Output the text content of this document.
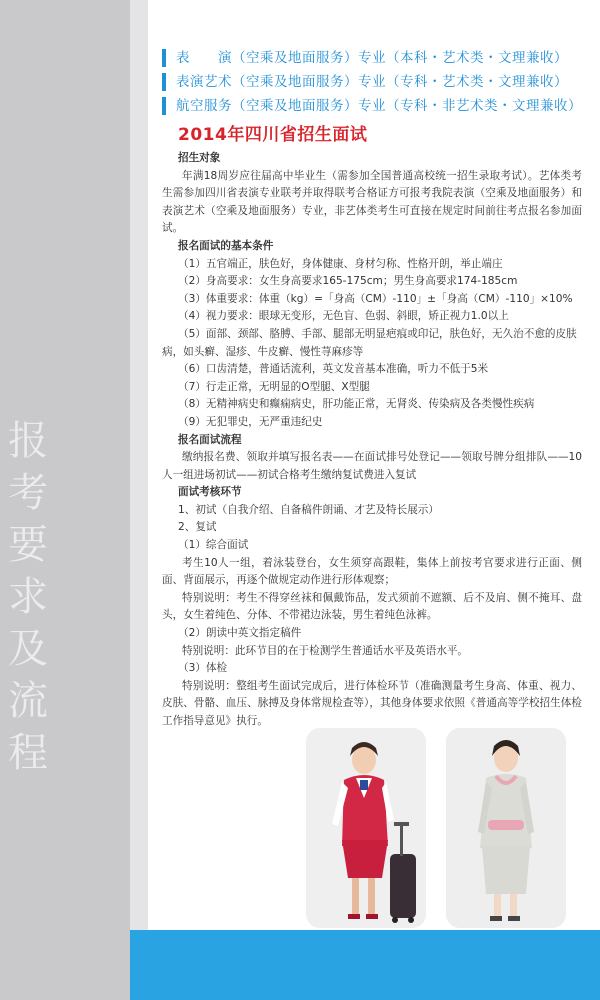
报
考
要
求
及
流
程
表　　演（空乘及地面服务）专业（本科・艺术类・文理兼收）
表演艺术（空乘及地面服务）专业（专科・艺术类・文理兼收）
航空服务（空乘及地面服务）专业（专科・非艺术类・文理兼收）
2014年四川省招生面试

招生对象

年满18周岁应往届高中毕业生（需参加全国普通高校统一招生录取考试）。艺体类考生需参加四川省表演专业联考并取得联考合格证方可报考我院表演（空乘及地面服务）和表演艺术（空乘及地面服务）专业，非艺体类考生可直接在规定时间前往考点报名参加面试。

报名面试的基本条件

（1）五官端正，肤色好，身体健康、身材匀称、性格开朗，举止端庄

（2）身高要求：女生身高要求165-175cm；男生身高要求174-185cm

（3）体重要求：体重（kg）=「身高（CM）-110」±「身高（CM）-110」×10%

（4）视力要求：眼球无变形，无色盲、色弱、斜眼，矫正视力1.0以上

（5）面部、颈部、胳膊、手部、腿部无明显疤痕或印记，肤色好，无久治不愈的皮肤病，如头癣、湿疹、牛皮癣、慢性荨麻疹等

（6）口齿清楚，普通话流利，英文发音基本准确，听力不低于5米

（7）行走正常，无明显的O型腿、X型腿

（8）无精神病史和癫痫病史，肝功能正常，无肾炎、传染病及各类慢性疾病

（9）无犯罪史，无严重违纪史

报名面试流程

缴纳报名费、领取并填写报名表——在面试排号处登记——领取号牌分组排队——10人一组进场初试——初试合格考生缴纳复试费进入复试

面试考核环节

1、初试（自我介绍、自备稿件朗诵、才艺及特长展示）

2、复试

（1）综合面试

考生10人一组，着泳装登台，女生须穿高跟鞋，集体上前按考官要求进行正面、侧面、背面展示，再逐个做规定动作进行形体观察；

特别说明：考生不得穿丝袜和佩戴饰品，发式须前不遮额、后不及肩、侧不掩耳、盘头，女生着纯色、分体、不带裙边泳装，男生着纯色泳裤。

（2）朗读中英文指定稿件

特别说明：此环节目的在于检测学生普通话水平及英语水平。

（3）体检

特别说明：整组考生面试完成后，进行体检环节（准确测量考生身高、体重、视力、皮肤、骨骼、血压、脉搏及身体常规检查等），其他身体要求依照《普通高等学校招生体检工作指导意见》执行。
